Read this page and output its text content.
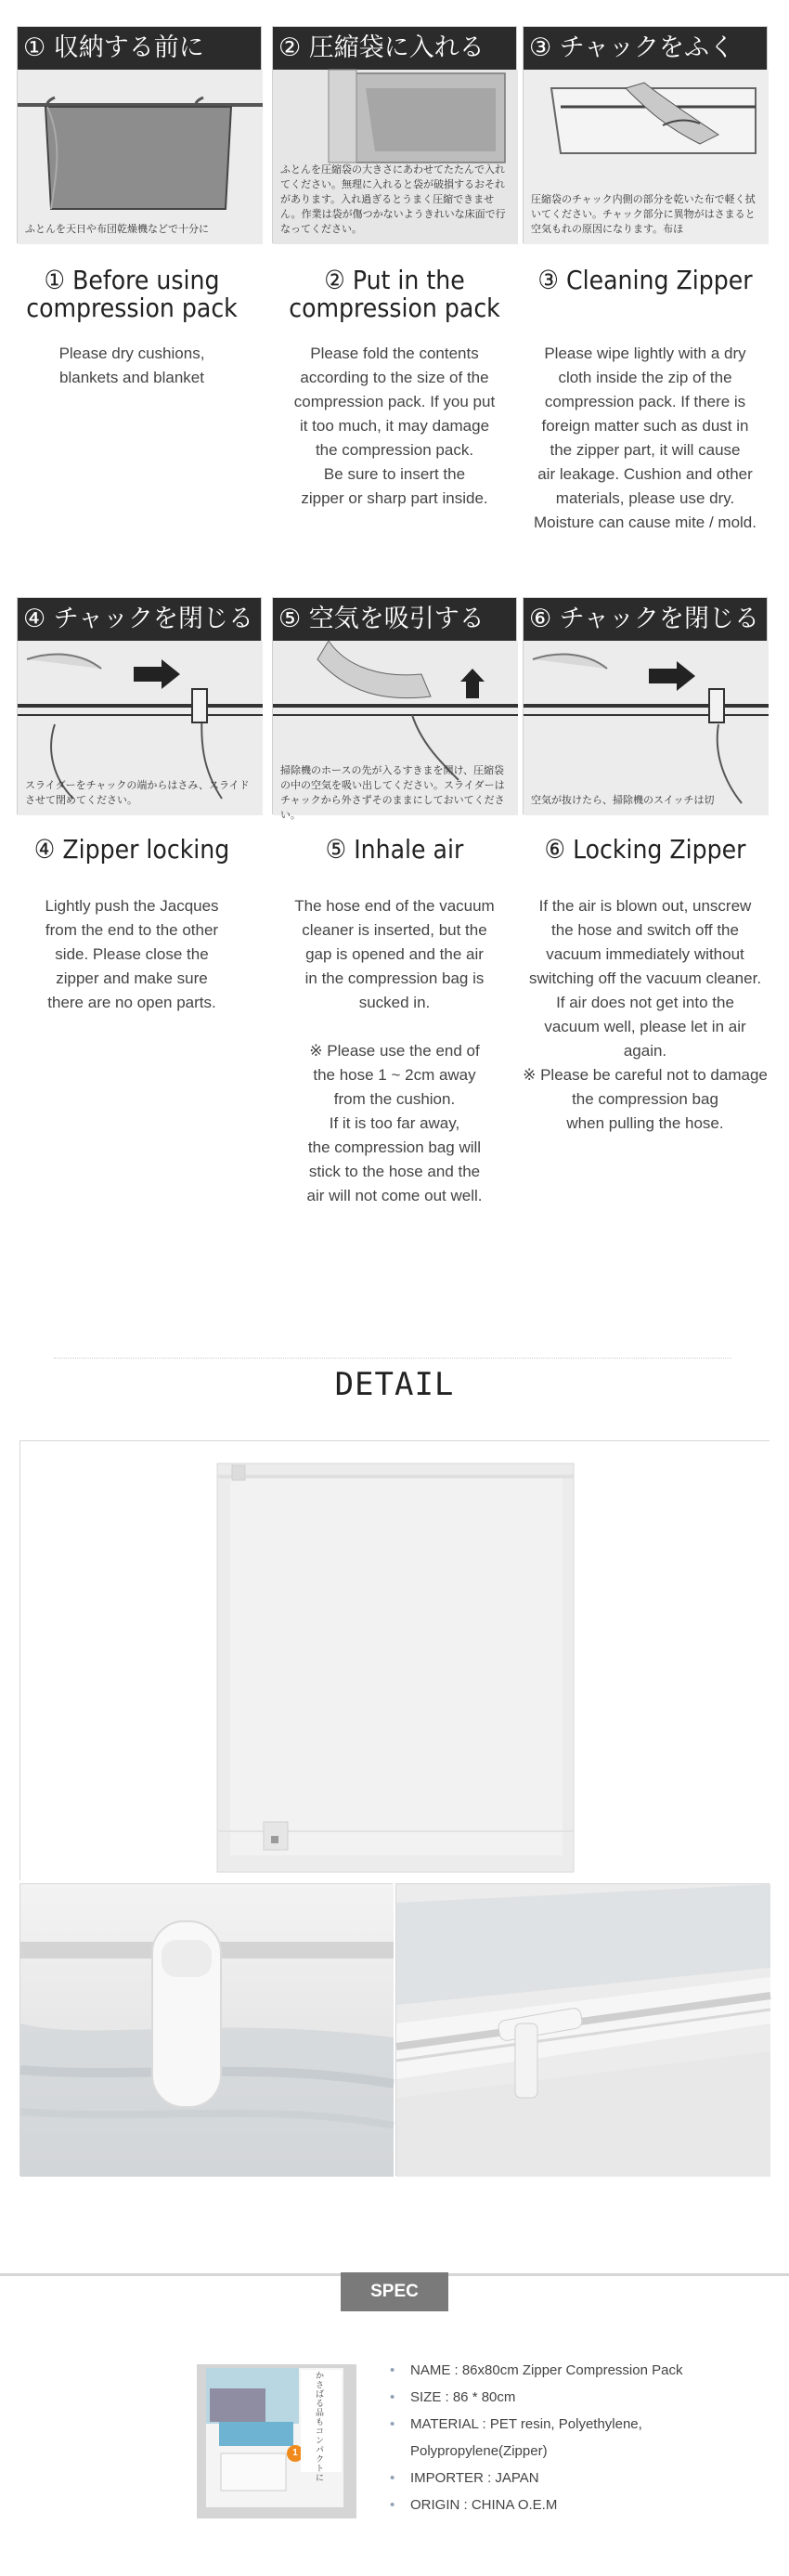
① 収納する前に
ふとんを天日や布団乾燥機などで十分に
② 圧縮袋に入れる
ふとんを圧縮袋の大きさにあわせてたたんで入れてください。無理に入れると袋が破損するおそれがあります。入れ過ぎるとうまく圧縮できません。作業は袋が傷つかないようきれいな床面で行なってください。
③ チャックをふく
圧縮袋のチャック内側の部分を乾いた布で軽く拭いてください。チャック部分に異物がはさまると空気もれの原因になります。布ほ
① Before using
compression pack
② Put in the
compression pack
③ Cleaning Zipper
Please dry cushions,
blankets and blanket
Please fold the contents
according to the size of the
compression pack. If you put
it too much, it may damage
the compression pack.
Be sure to insert the
zipper or sharp part inside.
Please wipe lightly with a dry
cloth inside the zip of the
compression pack. If there is
foreign matter such as dust in
the zipper part, it will cause
air leakage. Cushion and other
materials, please use dry.
Moisture can cause mite / mold.
④ チャックを閉じる
スライダーをチャックの端からはさみ、スライドさせて閉めてください。
⑤ 空気を吸引する
掃除機のホースの先が入るすきまを開け、圧縮袋の中の空気を吸い出してください。スライダーはチャックから外さずそのままにしておいてください。
⑥ チャックを閉じる
空気が抜けたら、掃除機のスイッチは切
④ Zipper locking	⑤ Inhale air	⑥ Locking Zipper
Lightly push the Jacques
from the end to the other
side. Please close the
zipper and make sure
there are no open parts.
The hose end of the vacuum
cleaner is inserted, but the
gap is opened and the air
in the compression bag is
sucked in.

※ Please use the end of
the hose 1 ~ 2cm away
from the cushion.
If it is too far away,
the compression bag will
stick to the hose and the
air will not come out well.
If the air is blown out, unscrew
the hose and switch off the
vacuum immediately without
switching off the vacuum cleaner.
If air does not get into the
vacuum well, please let in air again.
※ Please be careful not to damage
the compression bag
when pulling the hose.
DETAIL
SPEC
かさばる品もコンパクトに
1
• NAME : 86x80cm Zipper Compression Pack
• SIZE : 86 * 80cm
• MATERIAL : PET resin, Polyethylene,
Polypropylene(Zipper)
• IMPORTER : JAPAN
• ORIGIN : CHINA O.E.M
